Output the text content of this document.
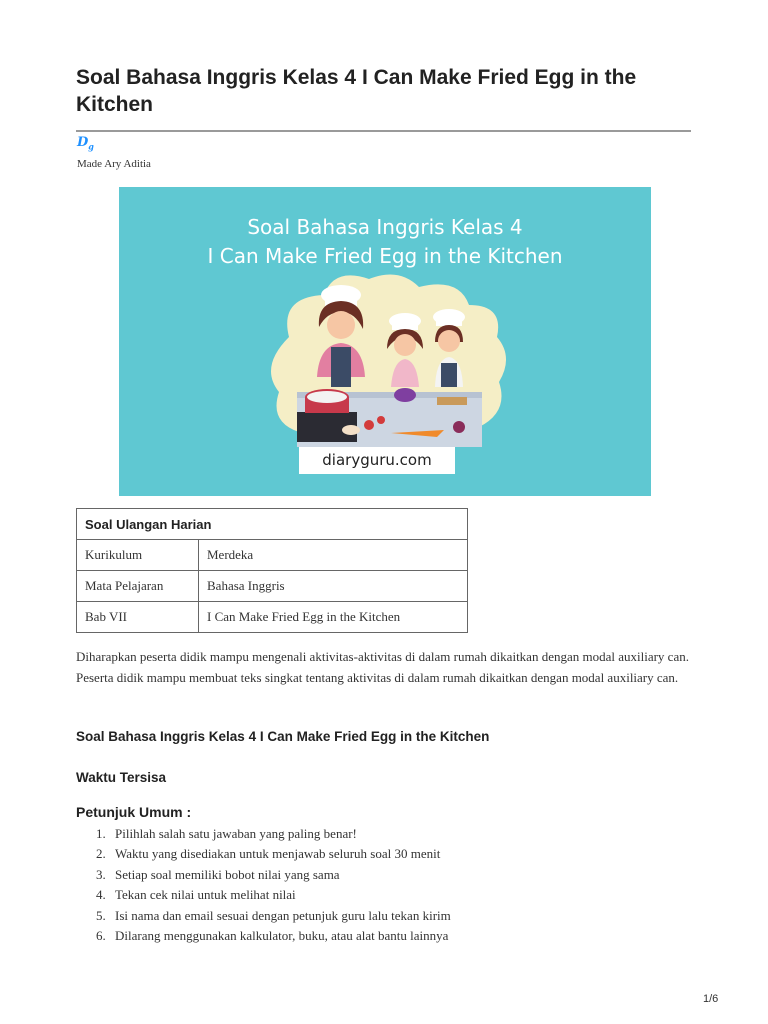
Soal Bahasa Inggris Kelas 4 I Can Make Fried Egg in the Kitchen
$D_g$
Made Ary Aditia
Soal Bahasa Inggris Kelas 4
I Can Make Fried Egg in the Kitchen
diaryguru.com
Soal Ulangan Harian	
Kurikulum	Merdeka
Mata Pelajaran	Bahasa Inggris
Bab VII	I Can Make Fried Egg in the Kitchen
Diharapkan peserta didik mampu mengenali aktivitas-aktivitas di dalam rumah dikaitkan dengan modal auxiliary can. Peserta didik mampu membuat teks singkat tentang aktivitas di dalam rumah dikaitkan dengan modal auxiliary can.
Soal Bahasa Inggris Kelas 4 I Can Make Fried Egg in the Kitchen
Waktu Tersisa
Petunjuk Umum :
1. Pilihlah salah satu jawaban yang paling benar!
2. Waktu yang disediakan untuk menjawab seluruh soal 30 menit
3. Setiap soal memiliki bobot nilai yang sama
4. Tekan cek nilai untuk melihat nilai
5. Isi nama dan email sesuai dengan petunjuk guru lalu tekan kirim
6. Dilarang menggunakan kalkulator, buku, atau alat bantu lainnya
1/6
